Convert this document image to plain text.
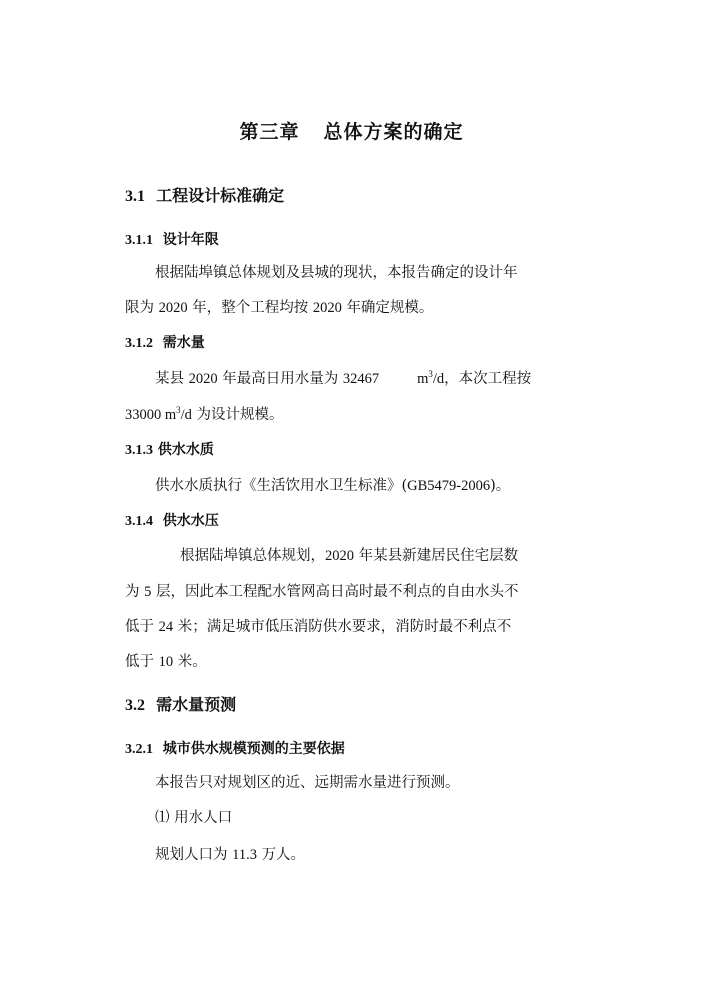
第三章 总体方案的确定
3.1 工程设计标准确定
3.1.1 设计年限
根据陆埠镇总体规划及县城的现状，本报告确定的设计年
限为 2020 年，整个工程均按 2020 年确定规模。
3.1.2 需水量
某县 2020 年最高日用水量为 32467	$m^3/d$，本次工程按
33000 $m^3/d$ 为设计规模。
3.1.3 供水水质
供水水质执行《生活饮用水卫生标准》(GB5479-2006)。
3.1.4 供水水压
根据陆埠镇总体规划，2020 年某县新建居民住宅层数
为 5 层，因此本工程配水管网高日高时最不利点的自由水头不
低于 24 米；满足城市低压消防供水要求，消防时最不利点不
低于 10 米。
3.2 需水量预测
3.2.1 城市供水规模预测的主要依据
本报告只对规划区的近、远期需水量进行预测。
⑴ 用水人口
规划人口为 11.3 万人。
